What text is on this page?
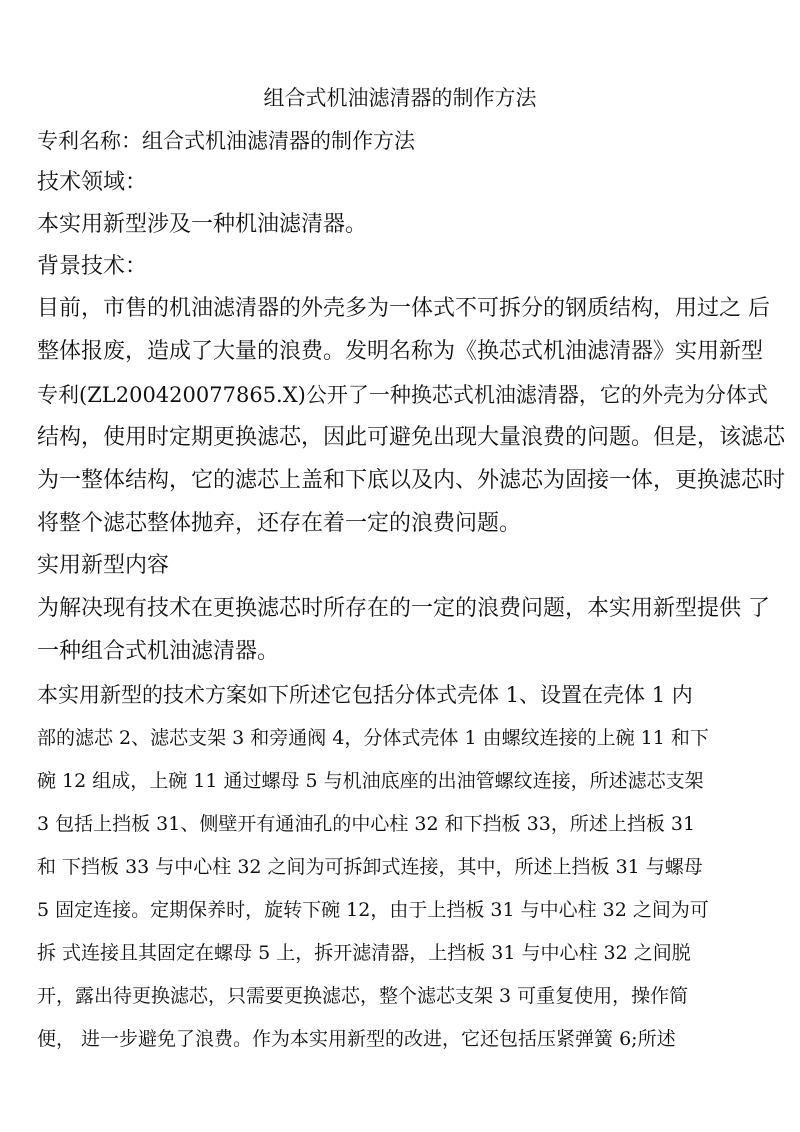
组合式机油滤清器的制作方法
专利名称：组合式机油滤清器的制作方法
技术领域：
本实用新型涉及一种机油滤清器。
背景技术：
目前，市售的机油滤清器的外壳多为一体式不可拆分的钢质结构，用过之 后
整体报废，造成了大量的浪费。发明名称为《换芯式机油滤清器》实用新型
专利(ZL200420077865.X)公开了一种换芯式机油滤清器，它的外壳为分体式
结构，使用时定期更换滤芯，因此可避免出现大量浪费的问题。但是，该滤芯
为一整体结构，它的滤芯上盖和下底以及内、外滤芯为固接一体，更换滤芯时
将整个滤芯整体抛弃，还存在着一定的浪费问题。
实用新型内容
为解决现有技术在更换滤芯时所存在的一定的浪费问题，本实用新型提供 了
一种组合式机油滤清器。
本实用新型的技术方案如下所述它包括分体式壳体 1、设置在壳体 1 内
部的滤芯 2、滤芯支架 3 和旁通阀 4，分体式壳体 1 由螺纹连接的上碗 11 和下
碗 12 组成，上碗 11 通过螺母 5 与机油底座的出油管螺纹连接，所述滤芯支架
3 包括上挡板 31、侧壁开有通油孔的中心柱 32 和下挡板 33，所述上挡板 31
和 下挡板 33 与中心柱 32 之间为可拆卸式连接，其中，所述上挡板 31 与螺母
5 固定连接。定期保养时，旋转下碗 12，由于上挡板 31 与中心柱 32 之间为可
拆 式连接且其固定在螺母 5 上，拆开滤清器，上挡板 31 与中心柱 32 之间脱
开，露出待更换滤芯，只需要更换滤芯，整个滤芯支架 3 可重复使用，操作简
便， 进一步避免了浪费。作为本实用新型的改进，它还包括压紧弹簧 6;所述
